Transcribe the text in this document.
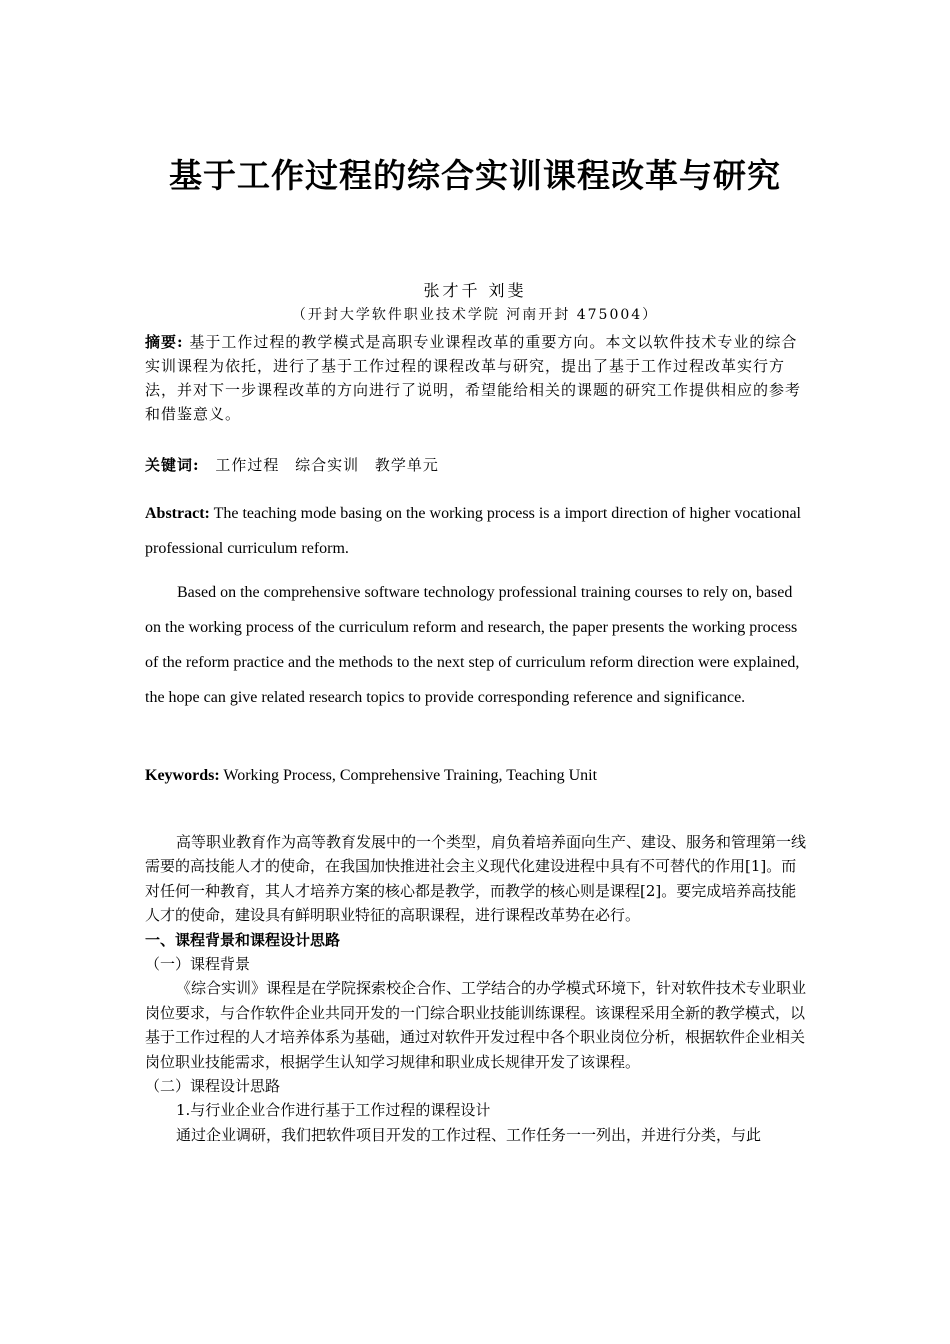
基于工作过程的综合实训课程改革与研究
张才千 刘斐
（开封大学软件职业技术学院 河南开封 475004）
摘要: 基于工作过程的教学模式是高职专业课程改革的重要方向。本文以软件技术专业的综合实训课程为依托，进行了基于工作过程的课程改革与研究，提出了基于工作过程改革实行方法，并对下一步课程改革的方向进行了说明，希望能给相关的课题的研究工作提供相应的参考和借鉴意义。
关键词: 工作过程 综合实训 教学单元
Abstract: The teaching mode basing on the working process is a import direction of higher vocational professional curriculum reform.
Based on the comprehensive software technology professional training courses to rely on, based on the working process of the curriculum reform and research, the paper presents the working process of the reform practice and the methods to the next step of curriculum reform direction were explained, the hope can give related research topics to provide corresponding reference and significance.
Keywords: Working Process, Comprehensive Training, Teaching Unit
高等职业教育作为高等教育发展中的一个类型，肩负着培养面向生产、建设、服务和管理第一线需要的高技能人才的使命，在我国加快推进社会主义现代化建设进程中具有不可替代的作用[1]。而对任何一种教育，其人才培养方案的核心都是教学，而教学的核心则是课程[2]。要完成培养高技能人才的使命，建设具有鲜明职业特征的高职课程，进行课程改革势在必行。
一、课程背景和课程设计思路
（一）课程背景
《综合实训》课程是在学院探索校企合作、工学结合的办学模式环境下，针对软件技术专业职业岗位要求，与合作软件企业共同开发的一门综合职业技能训练课程。该课程采用全新的教学模式，以基于工作过程的人才培养体系为基础，通过对软件开发过程中各个职业岗位分析，根据软件企业相关岗位职业技能需求，根据学生认知学习规律和职业成长规律开发了该课程。
（二）课程设计思路
1.与行业企业合作进行基于工作过程的课程设计
通过企业调研，我们把软件项目开发的工作过程、工作任务一一列出，并进行分类，与此
